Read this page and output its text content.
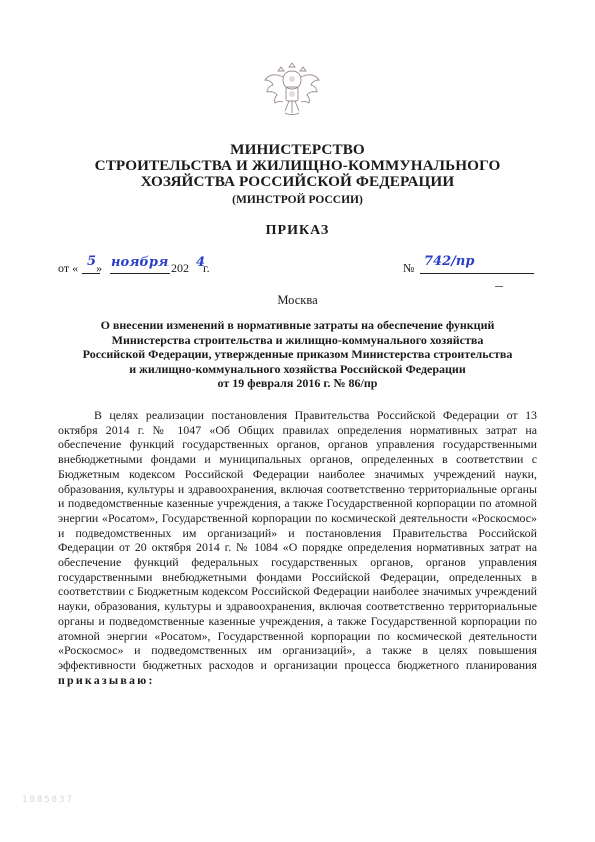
МИНИСТЕРСТВО
СТРОИТЕЛЬСТВА И ЖИЛИЩНО-КОММУНАЛЬНОГО
ХОЗЯЙСТВА РОССИЙСКОЙ ФЕДЕРАЦИИ
(МИНСТРОЙ РОССИИ)
ПРИКАЗ
от « »
5 ноября 202 г.
4	№ 742/пр
Москва
О внесении изменений в нормативные затраты на обеспечение функций
Министерства строительства и жилищно-коммунального хозяйства
Российской Федерации, утвержденные приказом Министерства строительства
и жилищно-коммунального хозяйства Российской Федерации
от 19 февраля 2016 г. № 86/пр
В целях реализации постановления Правительства Российской Федерации от 13 октября 2014 г. № 1047 «Об Общих правилах определения нормативных затрат на обеспечение функций государственных органов, органов управления государственными внебюджетными фондами и муниципальных органов, определенных в соответствии с Бюджетным кодексом Российской Федерации наиболее значимых учреждений науки, образования, культуры и здравоохранения, включая соответственно территориальные органы и подведомственные казенные учреждения, а также Государственной корпорации по атомной энергии «Росатом», Государственной корпорации по космической деятельности «Роскосмос» и подведомственных им организаций» и постановления Правительства Российской Федерации от 20 октября 2014 г. № 1084 «О порядке определения нормативных затрат на обеспечение функций федеральных государственных органов, органов управления государственными внебюджетными фондами Российской Федерации, определенных в соответствии с Бюджетным кодексом Российской Федерации наиболее значимых учреждений науки, образования, культуры и здравоохранения, включая соответственно территориальные органы и подведомственные казенные учреждения, а также Государственной корпорации по атомной энергии «Росатом», Государственной корпорации по космической деятельности «Роскосмос» и подведомственных им организаций», а также в целях повышения эффективности бюджетных расходов и организации процесса бюджетного планирования приказываю:
1085837
